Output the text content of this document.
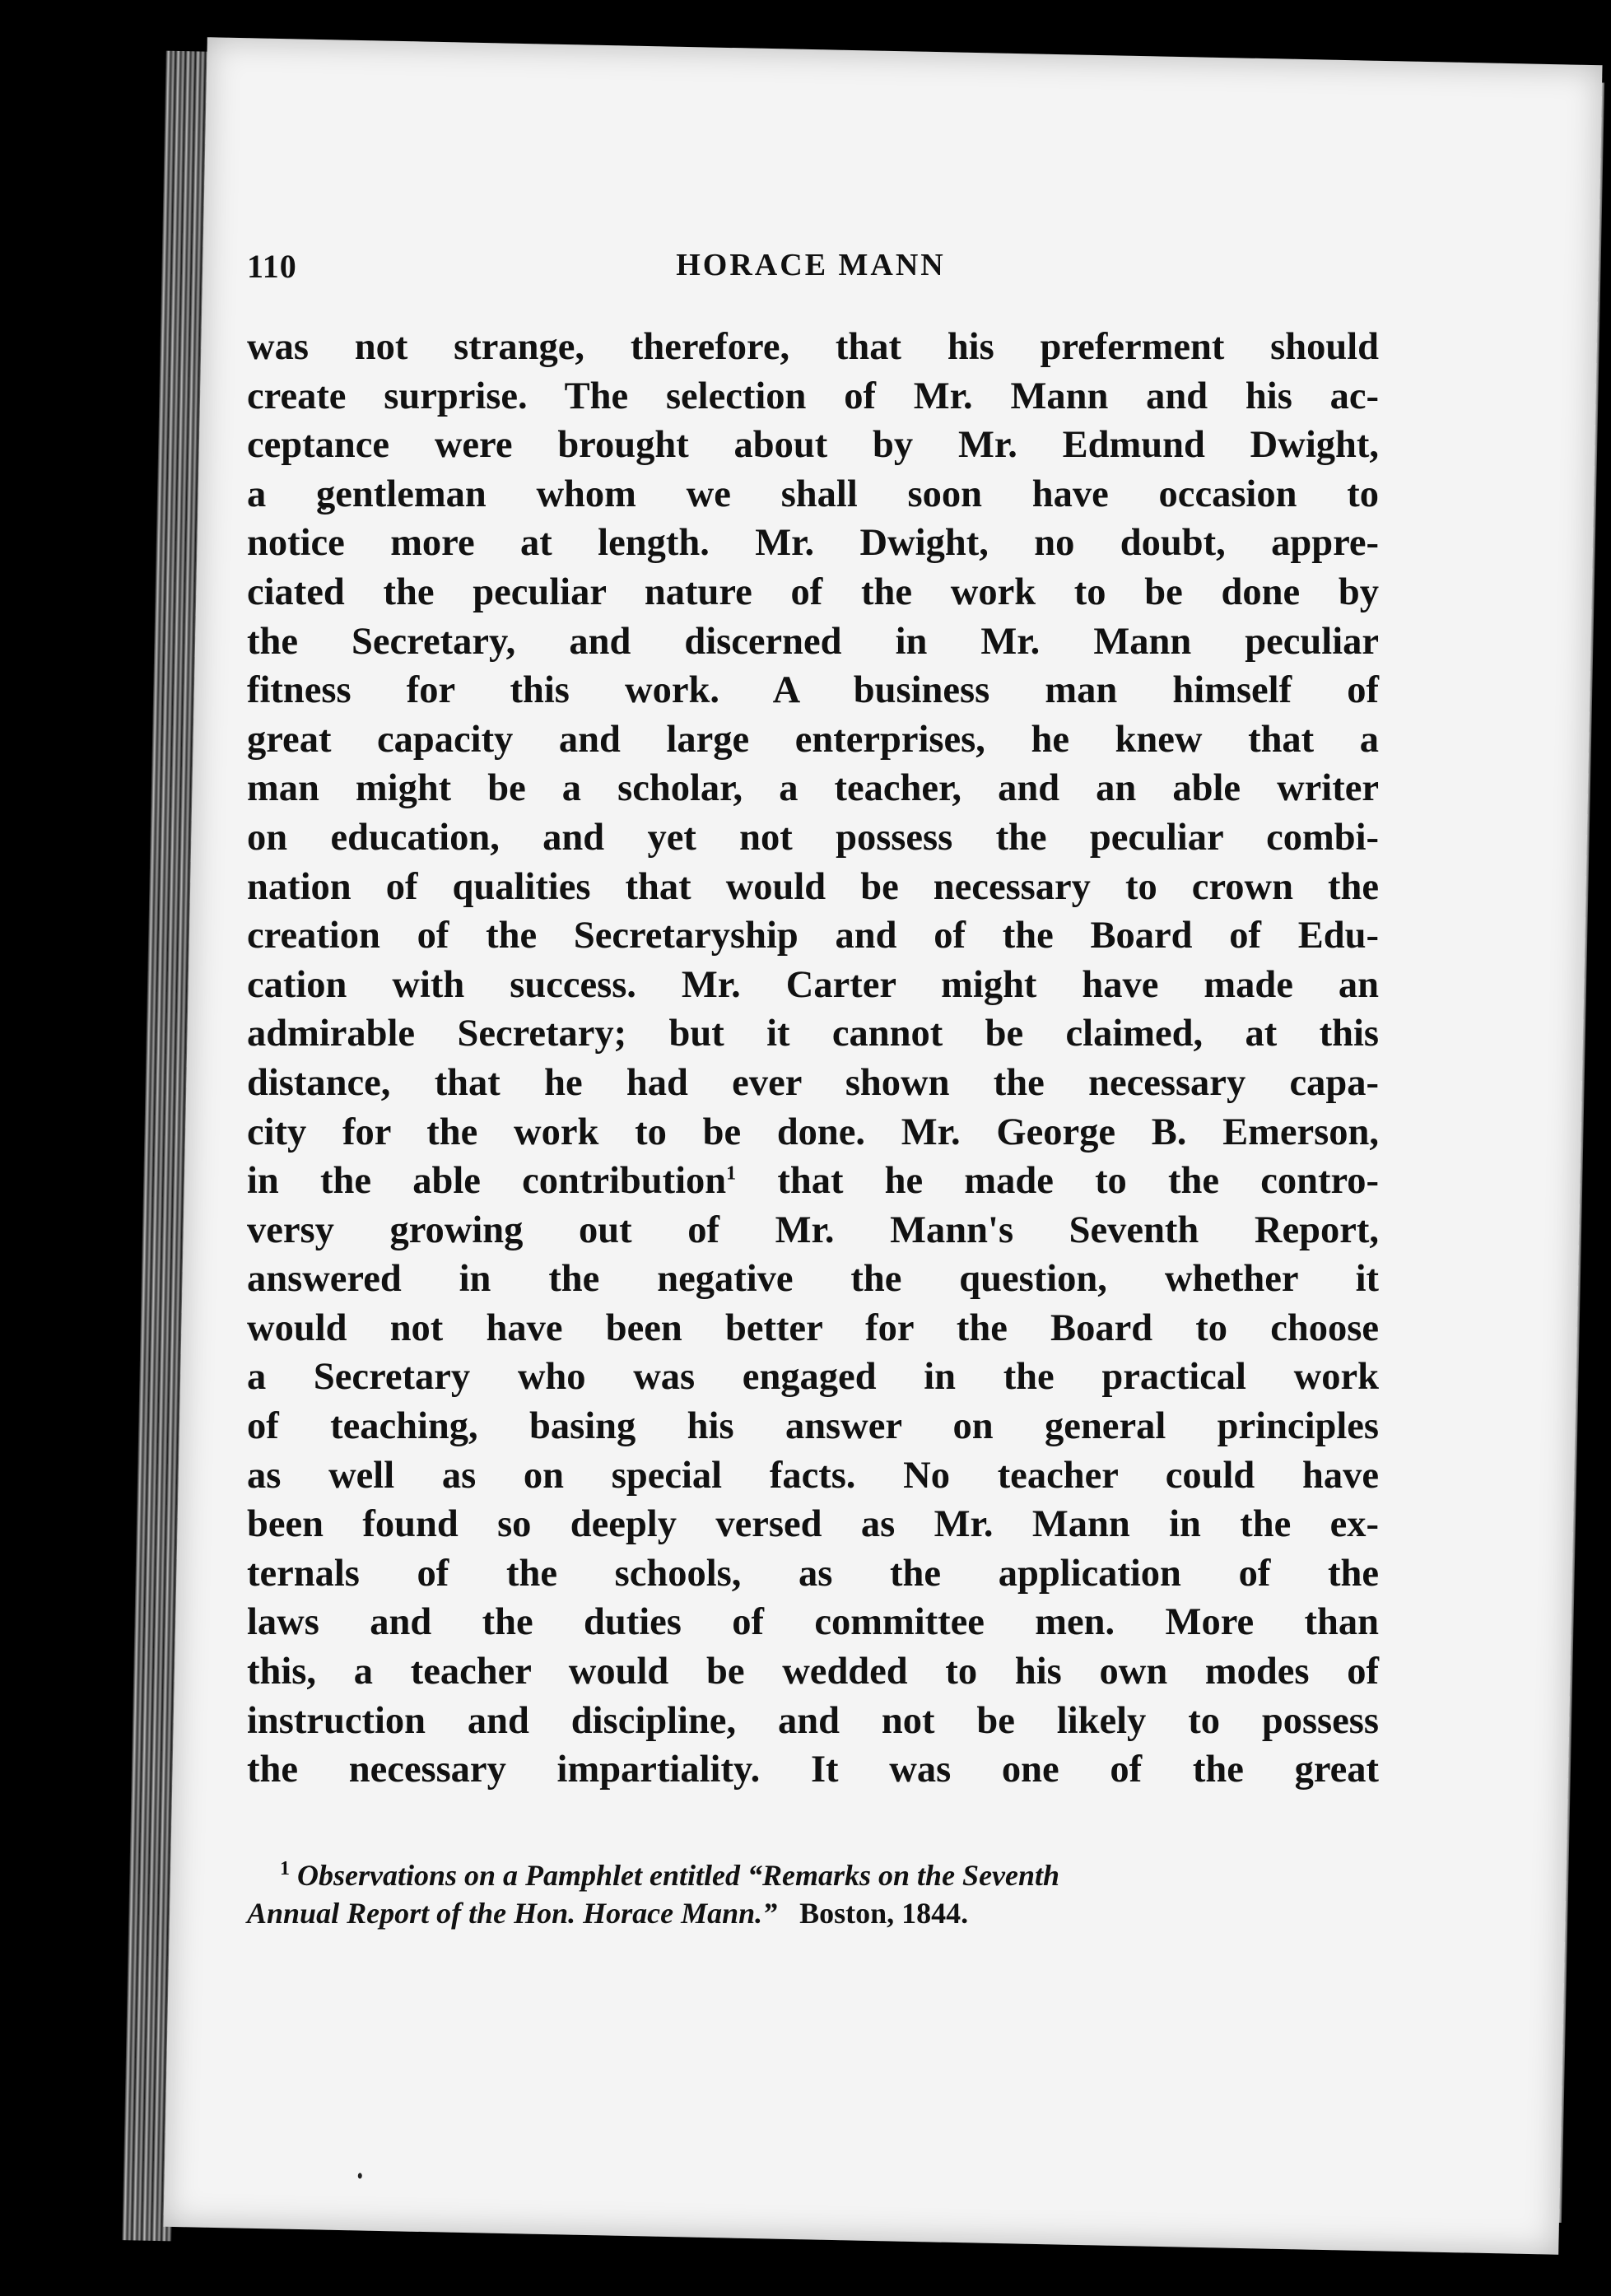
110	HORACE MANN
was not strange, therefore, that his preferment should
create surprise. The selection of Mr. Mann and his ac-
ceptance were brought about by Mr. Edmund Dwight,
a gentleman whom we shall soon have occasion to
notice more at length. Mr. Dwight, no doubt, appre-
ciated the peculiar nature of the work to be done by
the Secretary, and discerned in Mr. Mann peculiar
fitness for this work. A business man himself of
great capacity and large enterprises, he knew that a
man might be a scholar, a teacher, and an able writer
on education, and yet not possess the peculiar combi-
nation of qualities that would be necessary to crown the
creation of the Secretaryship and of the Board of Edu-
cation with success. Mr. Carter might have made an
admirable Secretary; but it cannot be claimed, at this
distance, that he had ever shown the necessary capa-
city for the work to be done. Mr. George B. Emerson,
in the able contribution$^1$ that he made to the contro-
versy growing out of Mr. Mann's Seventh Report,
answered in the negative the question, whether it
would not have been better for the Board to choose
a Secretary who was engaged in the practical work
of teaching, basing his answer on general principles
as well as on special facts. No teacher could have
been found so deeply versed as Mr. Mann in the ex-
ternals of the schools, as the application of the
laws and the duties of committee men. More than
this, a teacher would be wedded to his own modes of
instruction and discipline, and not be likely to possess
the necessary impartiality. It was one of the great
$^1$ Observations on a Pamphlet entitled “Remarks on the Seventh
Annual Report of the Hon. Horace Mann.” Boston, 1844.
